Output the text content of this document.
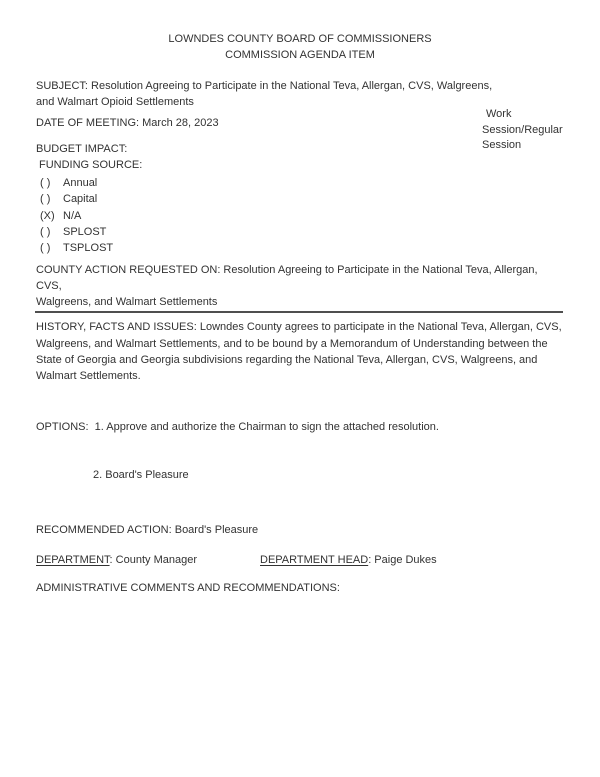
Work
Session/Regular
Session
LOWNDES COUNTY BOARD OF COMMISSIONERS
COMMISSION AGENDA ITEM
SUBJECT: Resolution Agreeing to Participate in the National Teva, Allergan, CVS, Walgreens,
and Walmart Opioid Settlements
DATE OF MEETING: March 28, 2023
BUDGET IMPACT:
FUNDING SOURCE:
( )	Annual
( )	Capital
(X) N/A
( )	SPLOST
( )	TSPLOST
COUNTY ACTION REQUESTED ON: Resolution Agreeing to Participate in the National Teva, Allergan, CVS,
Walgreens, and Walmart Settlements
HISTORY, FACTS AND ISSUES: Lowndes County agrees to participate in the National Teva, Allergan, CVS,
Walgreens, and Walmart Settlements, and to be bound by a Memorandum of Understanding between the
State of Georgia and Georgia subdivisions regarding the National Teva, Allergan, CVS, Walgreens, and
Walmart Settlements.

OPTIONS:  1. Approve and authorize the Chairman to sign the attached resolution.

2. Board's Pleasure

RECOMMENDED ACTION: Board's Pleasure
DEPARTMENT: County Manager	DEPARTMENT HEAD: Paige Dukes
ADMINISTRATIVE COMMENTS AND RECOMMENDATIONS:
